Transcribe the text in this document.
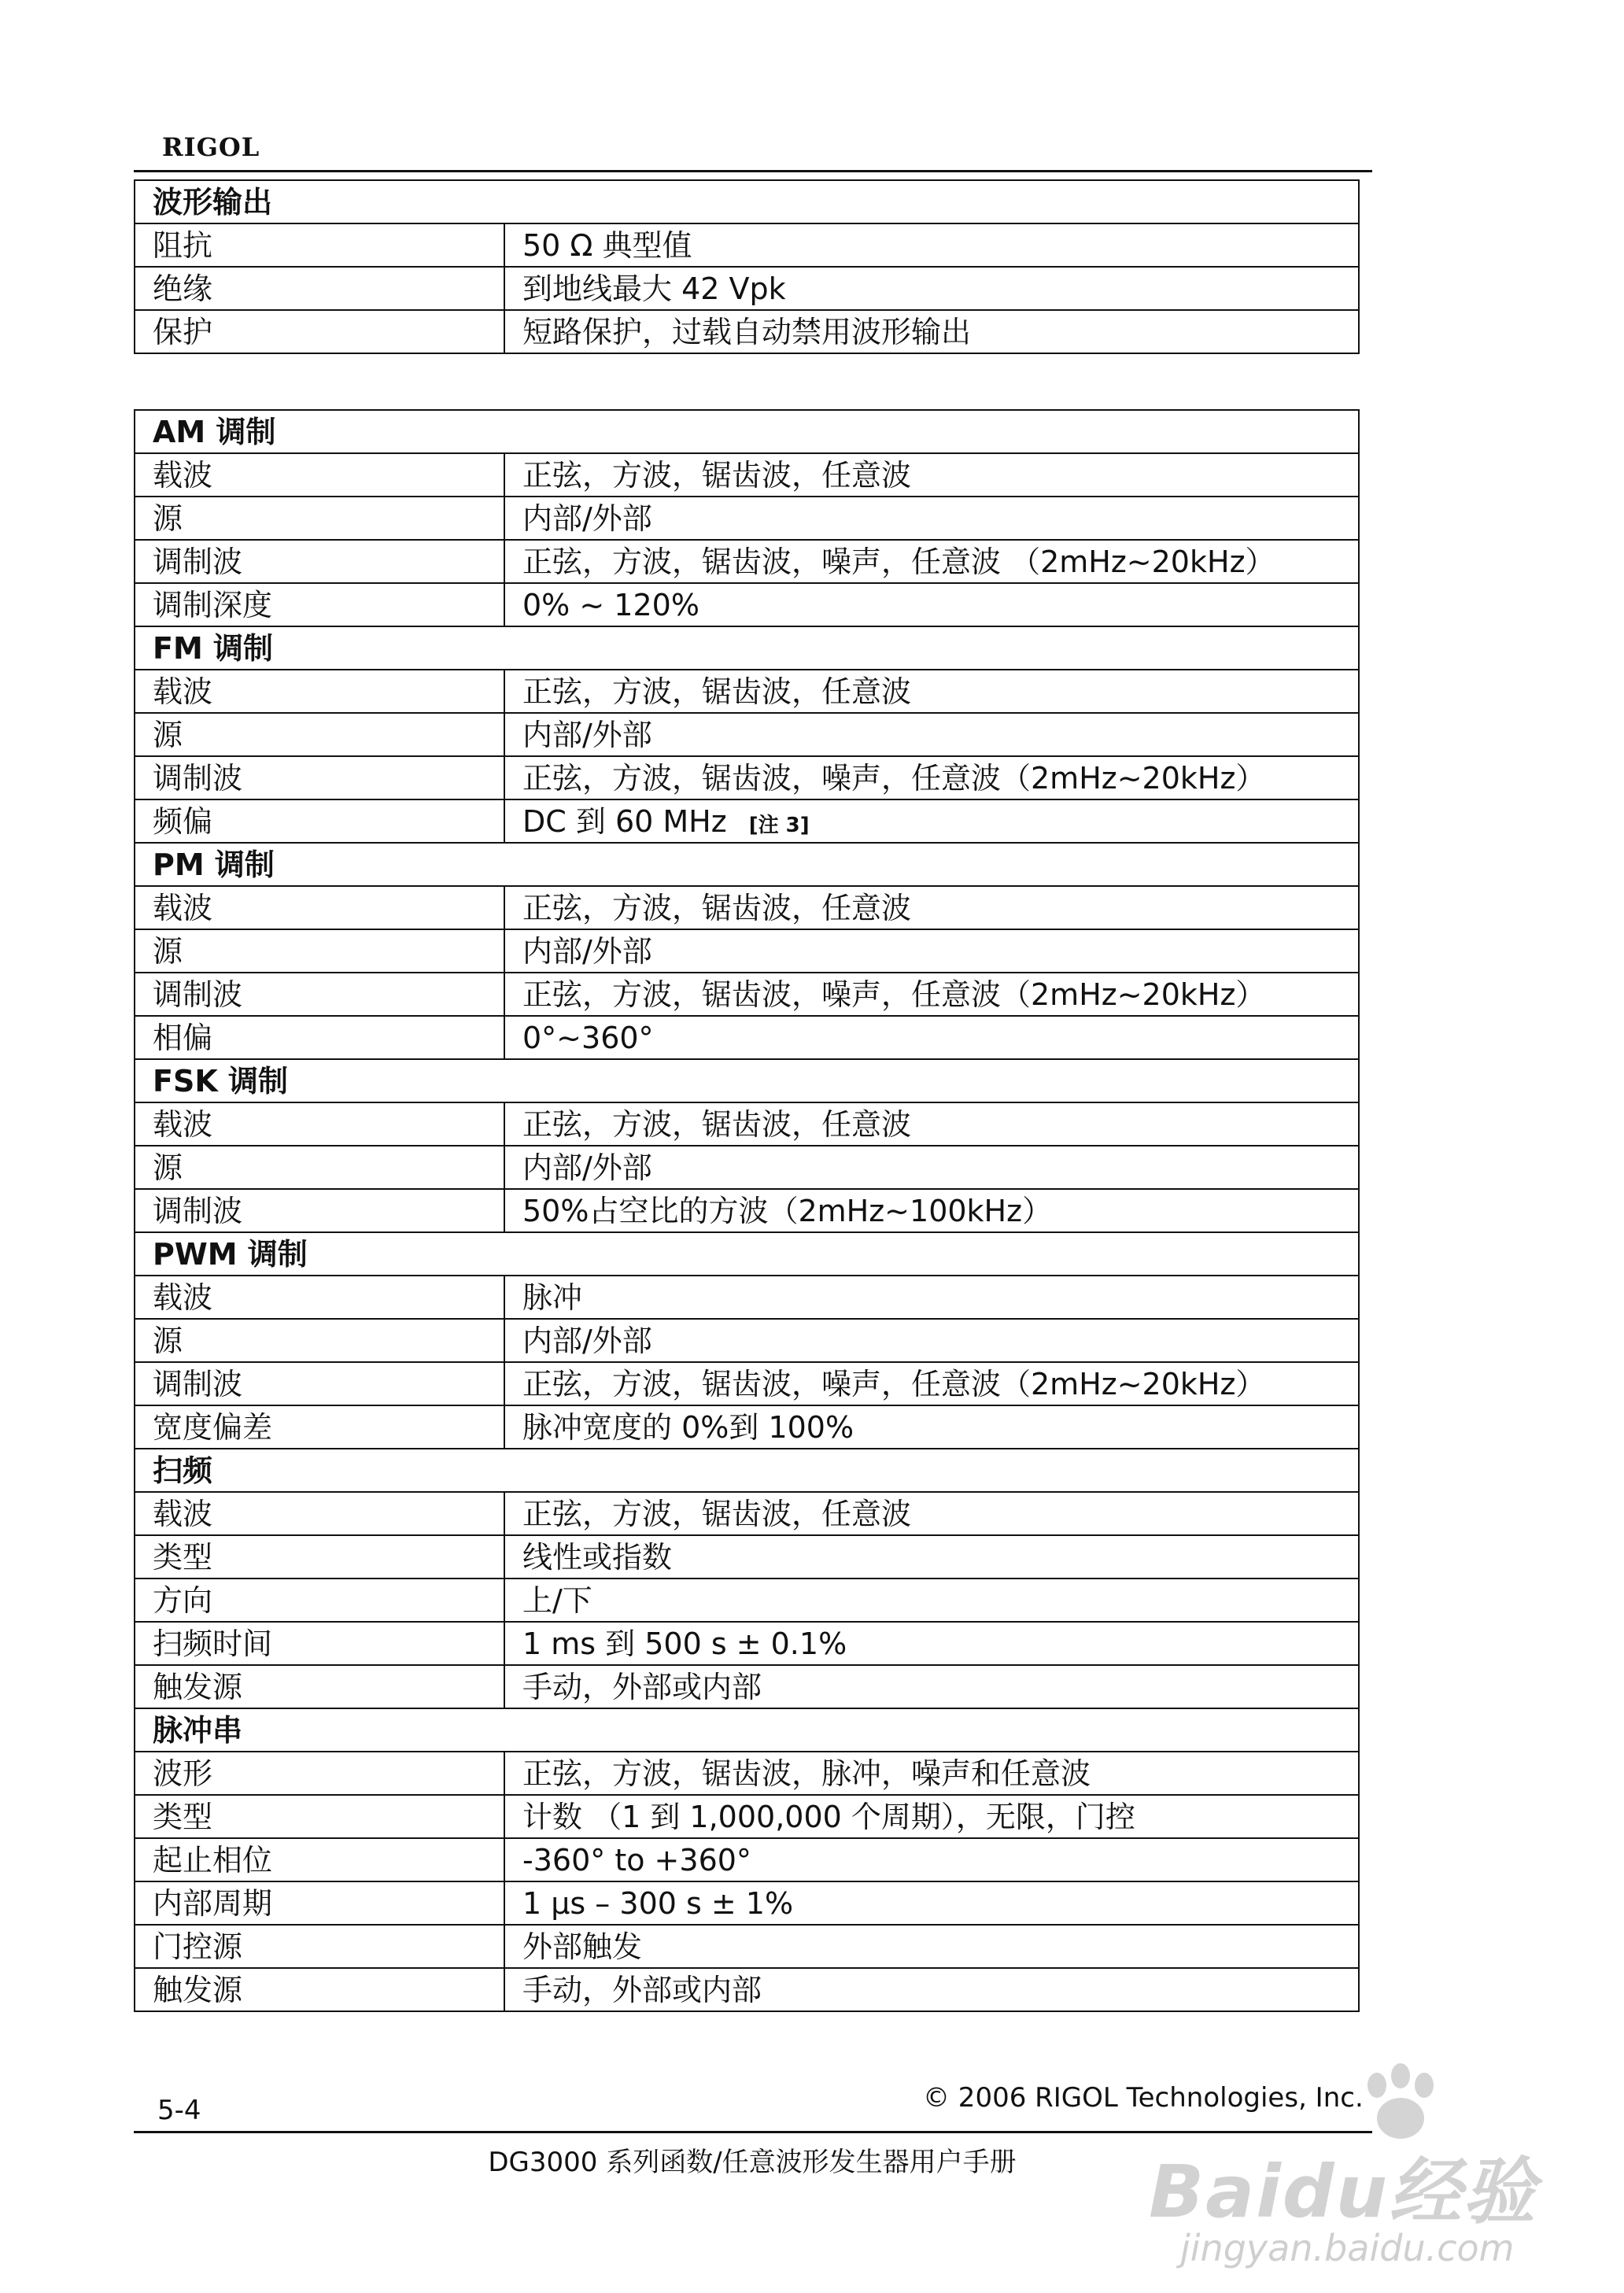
RIGOL
波形输出	
阻抗	50 Ω 典型值
绝缘	到地线最大 42 Vpk
保护	短路保护，过载自动禁用波形输出
AM 调制	
载波	正弦，方波，锯齿波，任意波
源	内部/外部
调制波	正弦，方波，锯齿波，噪声，任意波 （2mHz~20kHz）
调制深度	0% ~ 120%
FM 调制	
载波	正弦，方波，锯齿波，任意波
源	内部/外部
调制波	正弦，方波，锯齿波，噪声，任意波（2mHz~20kHz）
频偏	DC 到 60 MHz [注 3]
PM 调制	
载波	正弦，方波，锯齿波，任意波
源	内部/外部
调制波	正弦，方波，锯齿波，噪声，任意波（2mHz~20kHz）
相偏	0°~360°
FSK 调制	
载波	正弦，方波，锯齿波，任意波
源	内部/外部
调制波	50%占空比的方波（2mHz~100kHz）
PWM 调制	
载波	脉冲
源	内部/外部
调制波	正弦，方波，锯齿波，噪声，任意波（2mHz~20kHz）
宽度偏差	脉冲宽度的 0%到 100%
扫频	
载波	正弦，方波，锯齿波，任意波
类型	线性或指数
方向	上/下
扫频时间	1 ms 到 500 s ± 0.1%
触发源	手动，外部或内部
脉冲串	
波形	正弦，方波，锯齿波，脉冲，噪声和任意波
类型	计数 （1 到 1,000,000 个周期），无限，门控
起止相位	-360° to +360°
内部周期	1 µs – 300 s ± 1%
门控源	外部触发
触发源	手动，外部或内部
5-4	© 2006 RIGOL Technologies, Inc.
DG3000 系列函数/任意波形发生器用户手册	Baidu经验
jingyan.baidu.com
